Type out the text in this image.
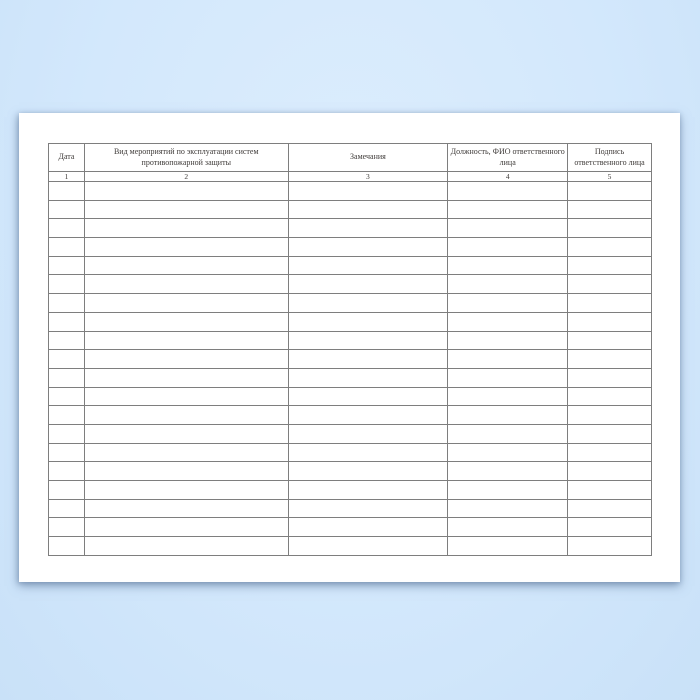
Дата	Вид мероприятий по эксплуатации систем противопожарной защиты	Замечания	Должность, ФИО ответственного лица	Подпись ответственного лица
1	2	3	4	5
